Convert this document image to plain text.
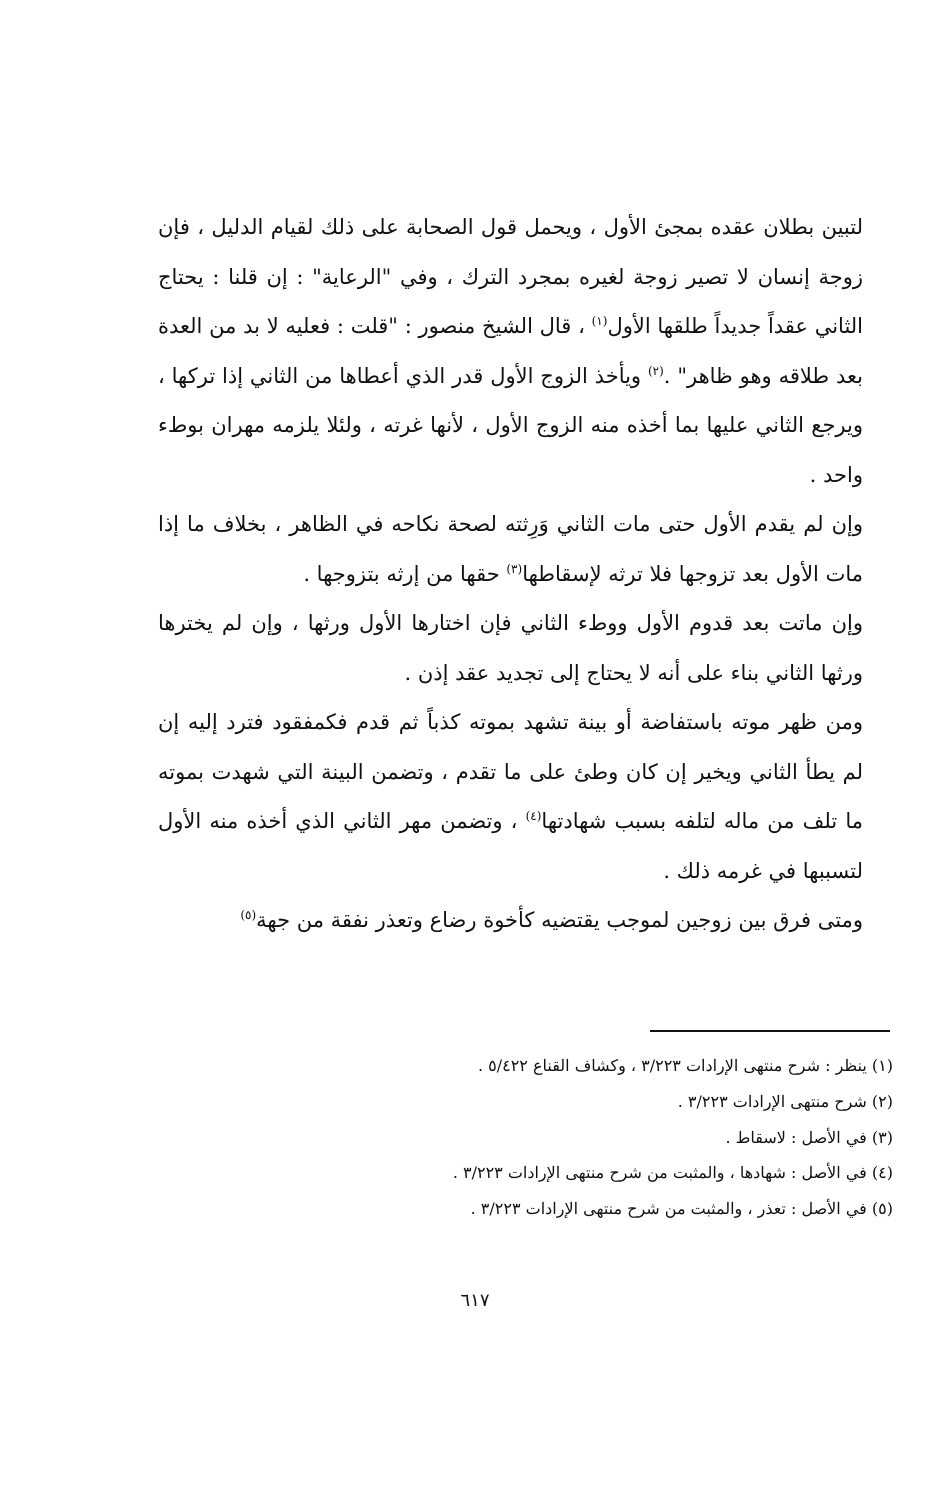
لتبين بطلان عقده بمجئ الأول ، ويحمل قول الصحابة على ذلك لقيام الدليل ، فإن زوجة إنسان لا تصير زوجة لغيره بمجرد الترك ، وفي "الرعاية" : إن قلنا : يحتاج الثاني عقداً جديداً طلقها الأول$^{(١)}$ ، قال الشيخ منصور : "قلت : فعليه لا بد من العدة بعد طلاقه وهو ظاهر" .$^{(٢)}$ ويأخذ الزوج الأول قدر الذي أعطاها من الثاني إذا تركها ، ويرجع الثاني عليها بما أخذه منه الزوج الأول ، لأنها غرته ، ولئلا يلزمه مهران بوطء واحد .

وإن لم يقدم الأول حتى مات الثاني وَرِثته لصحة نكاحه في الظاهر ، بخلاف ما إذا مات الأول بعد تزوجها فلا ترثه لإسقاطها$^{(٣)}$ حقها من إرثه بتزوجها .

وإن ماتت بعد قدوم الأول ووطء الثاني فإن اختارها الأول ورثها ، وإن لم يخترها ورثها الثاني بناء على أنه لا يحتاج إلى تجديد عقد إذن .

ومن ظهر موته باستفاضة أو بينة تشهد بموته كذباً ثم قدم فكمفقود فترد إليه إن لم يطأ الثاني ويخير إن كان وطئ على ما تقدم ، وتضمن البينة التي شهدت بموته ما تلف من ماله لتلفه بسبب شهادتها$^{(٤)}$ ، وتضمن مهر الثاني الذي أخذه منه الأول لتسببها في غرمه ذلك .

ومتى فرق بين زوجين لموجب يقتضيه كأخوة رضاع وتعذر نفقة من جهة$^{(٥)}$

(١) ينظر : شرح منتهى الإرادات ٣/٢٢٣ ، وكشاف القناع ٥/٤٢٢ .

(٢) شرح منتهى الإرادات ٣/٢٢٣ .

(٣) في الأصل : لاسقاط .

(٤) في الأصل : شهادها ، والمثبت من شرح منتهى الإرادات ٣/٢٢٣ .

(٥) في الأصل : تعذر ، والمثبت من شرح منتهى الإرادات ٣/٢٢٣ .

٦١٧
